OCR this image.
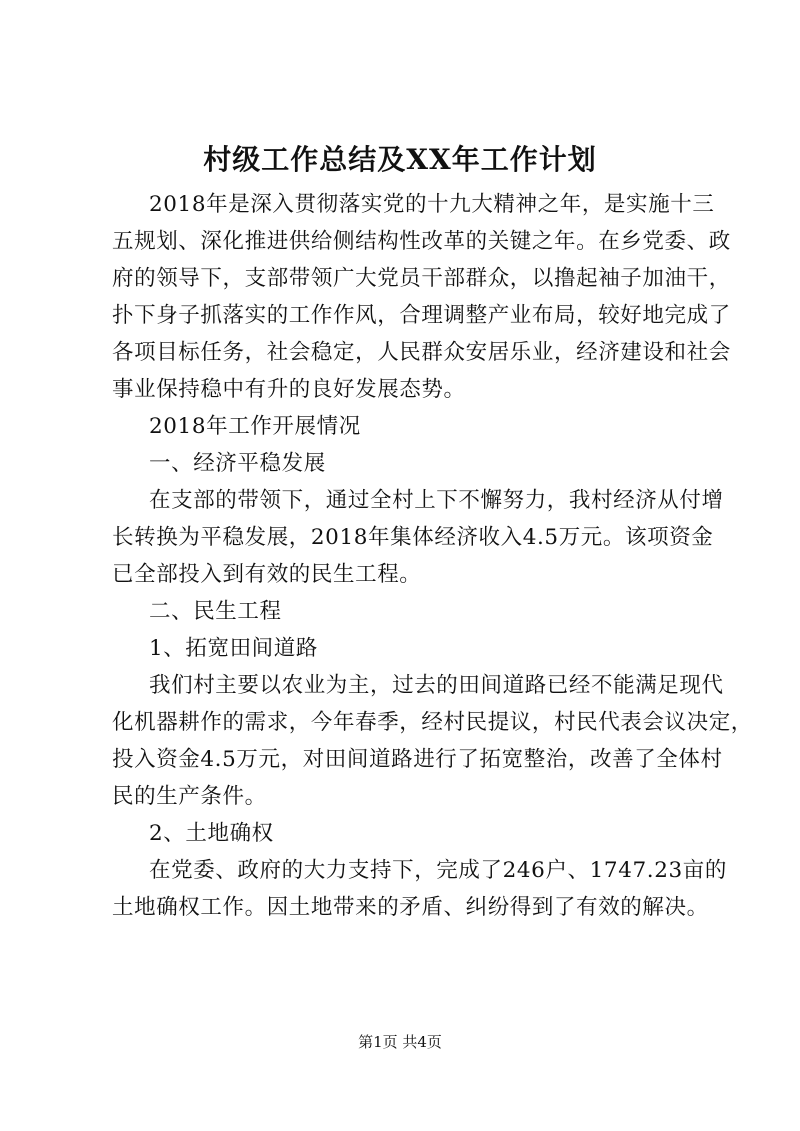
村级工作总结及XX年工作计划
2018年是深入贯彻落实党的十九大精神之年，是实施十三
五规划、深化推进供给侧结构性改革的关键之年。在乡党委、政
府的领导下，支部带领广大党员干部群众，以撸起袖子加油干，
扑下身子抓落实的工作作风，合理调整产业布局，较好地完成了
各项目标任务，社会稳定，人民群众安居乐业，经济建设和社会
事业保持稳中有升的良好发展态势。
2018年工作开展情况
一、经济平稳发展
在支部的带领下，通过全村上下不懈努力，我村经济从付增
长转换为平稳发展，2018年集体经济收入4.5万元。该项资金
已全部投入到有效的民生工程。
二、民生工程
1、拓宽田间道路
我们村主要以农业为主，过去的田间道路已经不能满足现代
化机器耕作的需求，今年春季，经村民提议，村民代表会议决定，
投入资金4.5万元，对田间道路进行了拓宽整治，改善了全体村
民的生产条件。
2、土地确权
在党委、政府的大力支持下，完成了246户、1747.23亩的
土地确权工作。因土地带来的矛盾、纠纷得到了有效的解决。
第1页 共4页
